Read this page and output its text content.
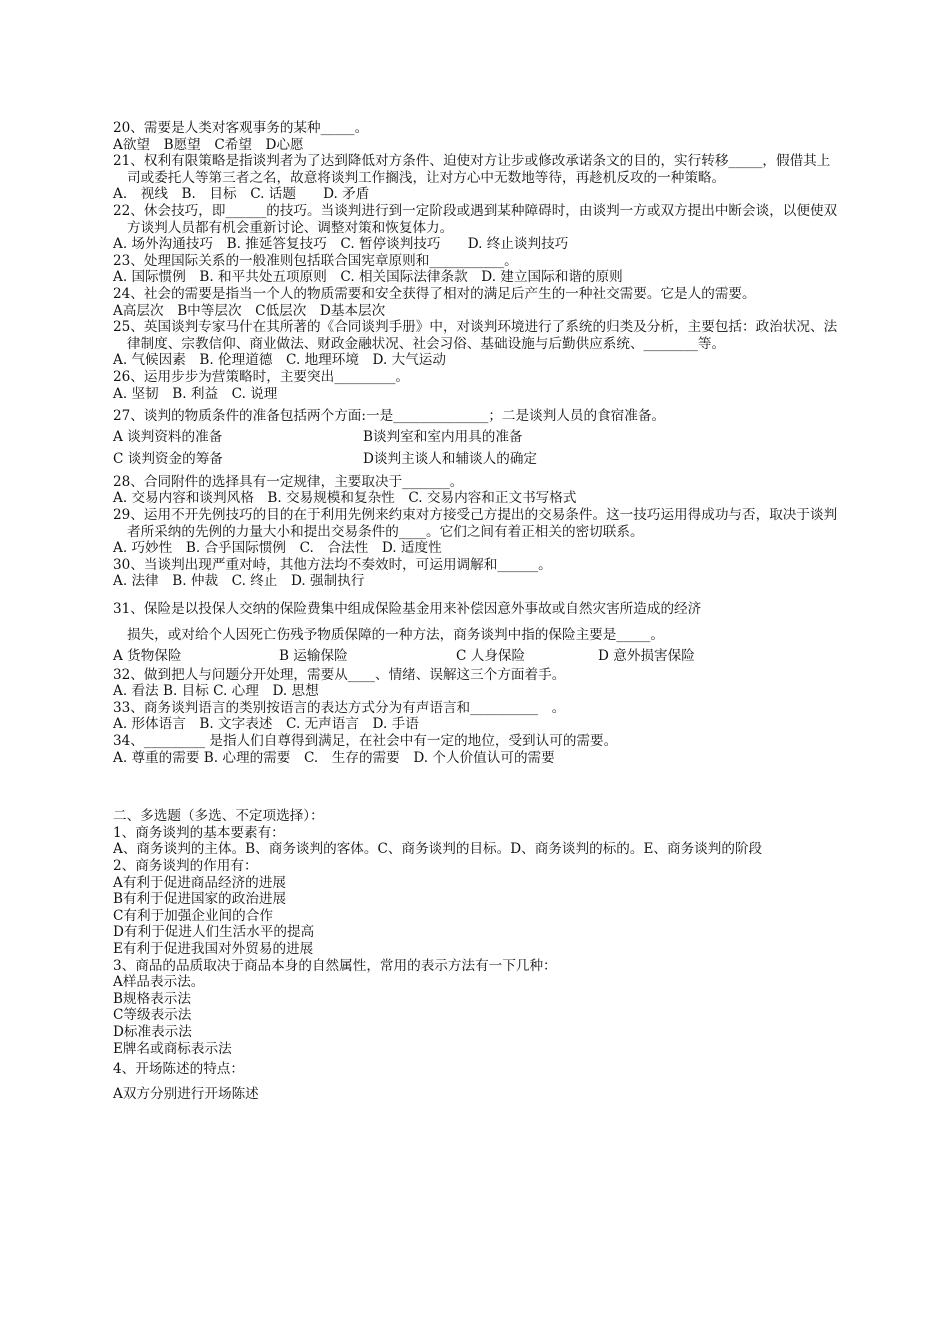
20、需要是人类对客观事务的某种_____。
A欲望　B愿望　C希望　D心愿
21、权利有限策略是指谈判者为了达到降低对方条件、迫使对方让步或修改承诺条文的目的，实行转移_____，假借其上司或委托人等第三者之名，故意将谈判工作搁浅，让对方心中无数地等待，再趁机反攻的一种策略。
A.　视线　B.　目标　C. 话题　　D. 矛盾
22、休会技巧，即______的技巧。当谈判进行到一定阶段或遇到某种障碍时，由谈判一方或双方提出中断会谈，以便使双方谈判人员都有机会重新讨论、调整对策和恢复体力。
A. 场外沟通技巧　B. 推延答复技巧　C. 暂停谈判技巧　　D. 终止谈判技巧
23、处理国际关系的一般准则包括联合国宪章原则和___________。
A. 国际惯例　B. 和平共处五项原则　C. 相关国际法律条款　D. 建立国际和谐的原则
24、社会的需要是指当一个人的物质需要和安全获得了相对的满足后产生的一种社交需要。它是人的需要。
A高层次　B中等层次　C低层次　D基本层次
25、英国谈判专家马什在其所著的《合同谈判手册》中，对谈判环境进行了系统的归类及分析，主要包括：政治状况、法律制度、宗教信仰、商业做法、财政金融状况、社会习俗、基础设施与后勤供应系统、________等。
A. 气候因素　B. 伦理道德　C. 地理环境　D. 大气运动
26、运用步步为营策略时，主要突出_________。
A. 坚韧　B. 利益　C. 说理
27、谈判的物质条件的准备包括两个方面:一是______________；二是谈判人员的食宿准备。
A 谈判资料的准备	B谈判室和室内用具的准备
C 谈判资金的筹备	D谈判主谈人和辅谈人的确定
28、合同附件的选择具有一定规律，主要取决于_______。
A. 交易内容和谈判风格　B. 交易规模和复杂性　C. 交易内容和正文书写格式
29、运用不开先例技巧的目的在于利用先例来约束对方接受己方提出的交易条件。这一技巧运用得成功与否，取决于谈判者所采纳的先例的力量大小和提出交易条件的____。它们之间有着正相关的密切联系。
A. 巧妙性　B. 合乎国际惯例　C.　合法性　D. 适度性
30、当谈判出现严重对峙，其他方法均不奏效时，可运用调解和______。
A. 法律　B. 仲裁　C. 终止　D. 强制执行
31、保险是以投保人交纳的保险费集中组成保险基金用来补偿因意外事故或自然灾害所造成的经济
损失，或对给个人因死亡伤残予物质保障的一种方法，商务谈判中指的保险主要是_____。
A 货物保险	B 运输保险	C 人身保险	D 意外损害保险
32、做到把人与问题分开处理，需要从____、情绪、误解这三个方面着手。
A. 看法 B. 目标 C. 心理　D. 思想
33、商务谈判语言的类别按语言的表达方式分为有声语言和__________　。
A. 形体语言　B. 文字表述　C. 无声语言　D. 手语
34、_________ 是指人们自尊得到满足，在社会中有一定的地位，受到认可的需要。
A. 尊重的需要 B. 心理的需要　C.　生存的需要　D. 个人价值认可的需要
二、多选题（多选、不定项选择）：
1、商务谈判的基本要素有：
A、商务谈判的主体。B、商务谈判的客体。C、商务谈判的目标。D、商务谈判的标的。E、商务谈判的阶段
2、商务谈判的作用有：
A有利于促进商品经济的进展
B有利于促进国家的政治进展
C有利于加强企业间的合作
D有利于促进人们生活水平的提高
E有利于促进我国对外贸易的进展
3、商品的品质取决于商品本身的自然属性，常用的表示方法有一下几种：
A样品表示法。
B规格表示法
C等级表示法
D标准表示法
E牌名或商标表示法
4、开场陈述的特点：
A双方分别进行开场陈述
